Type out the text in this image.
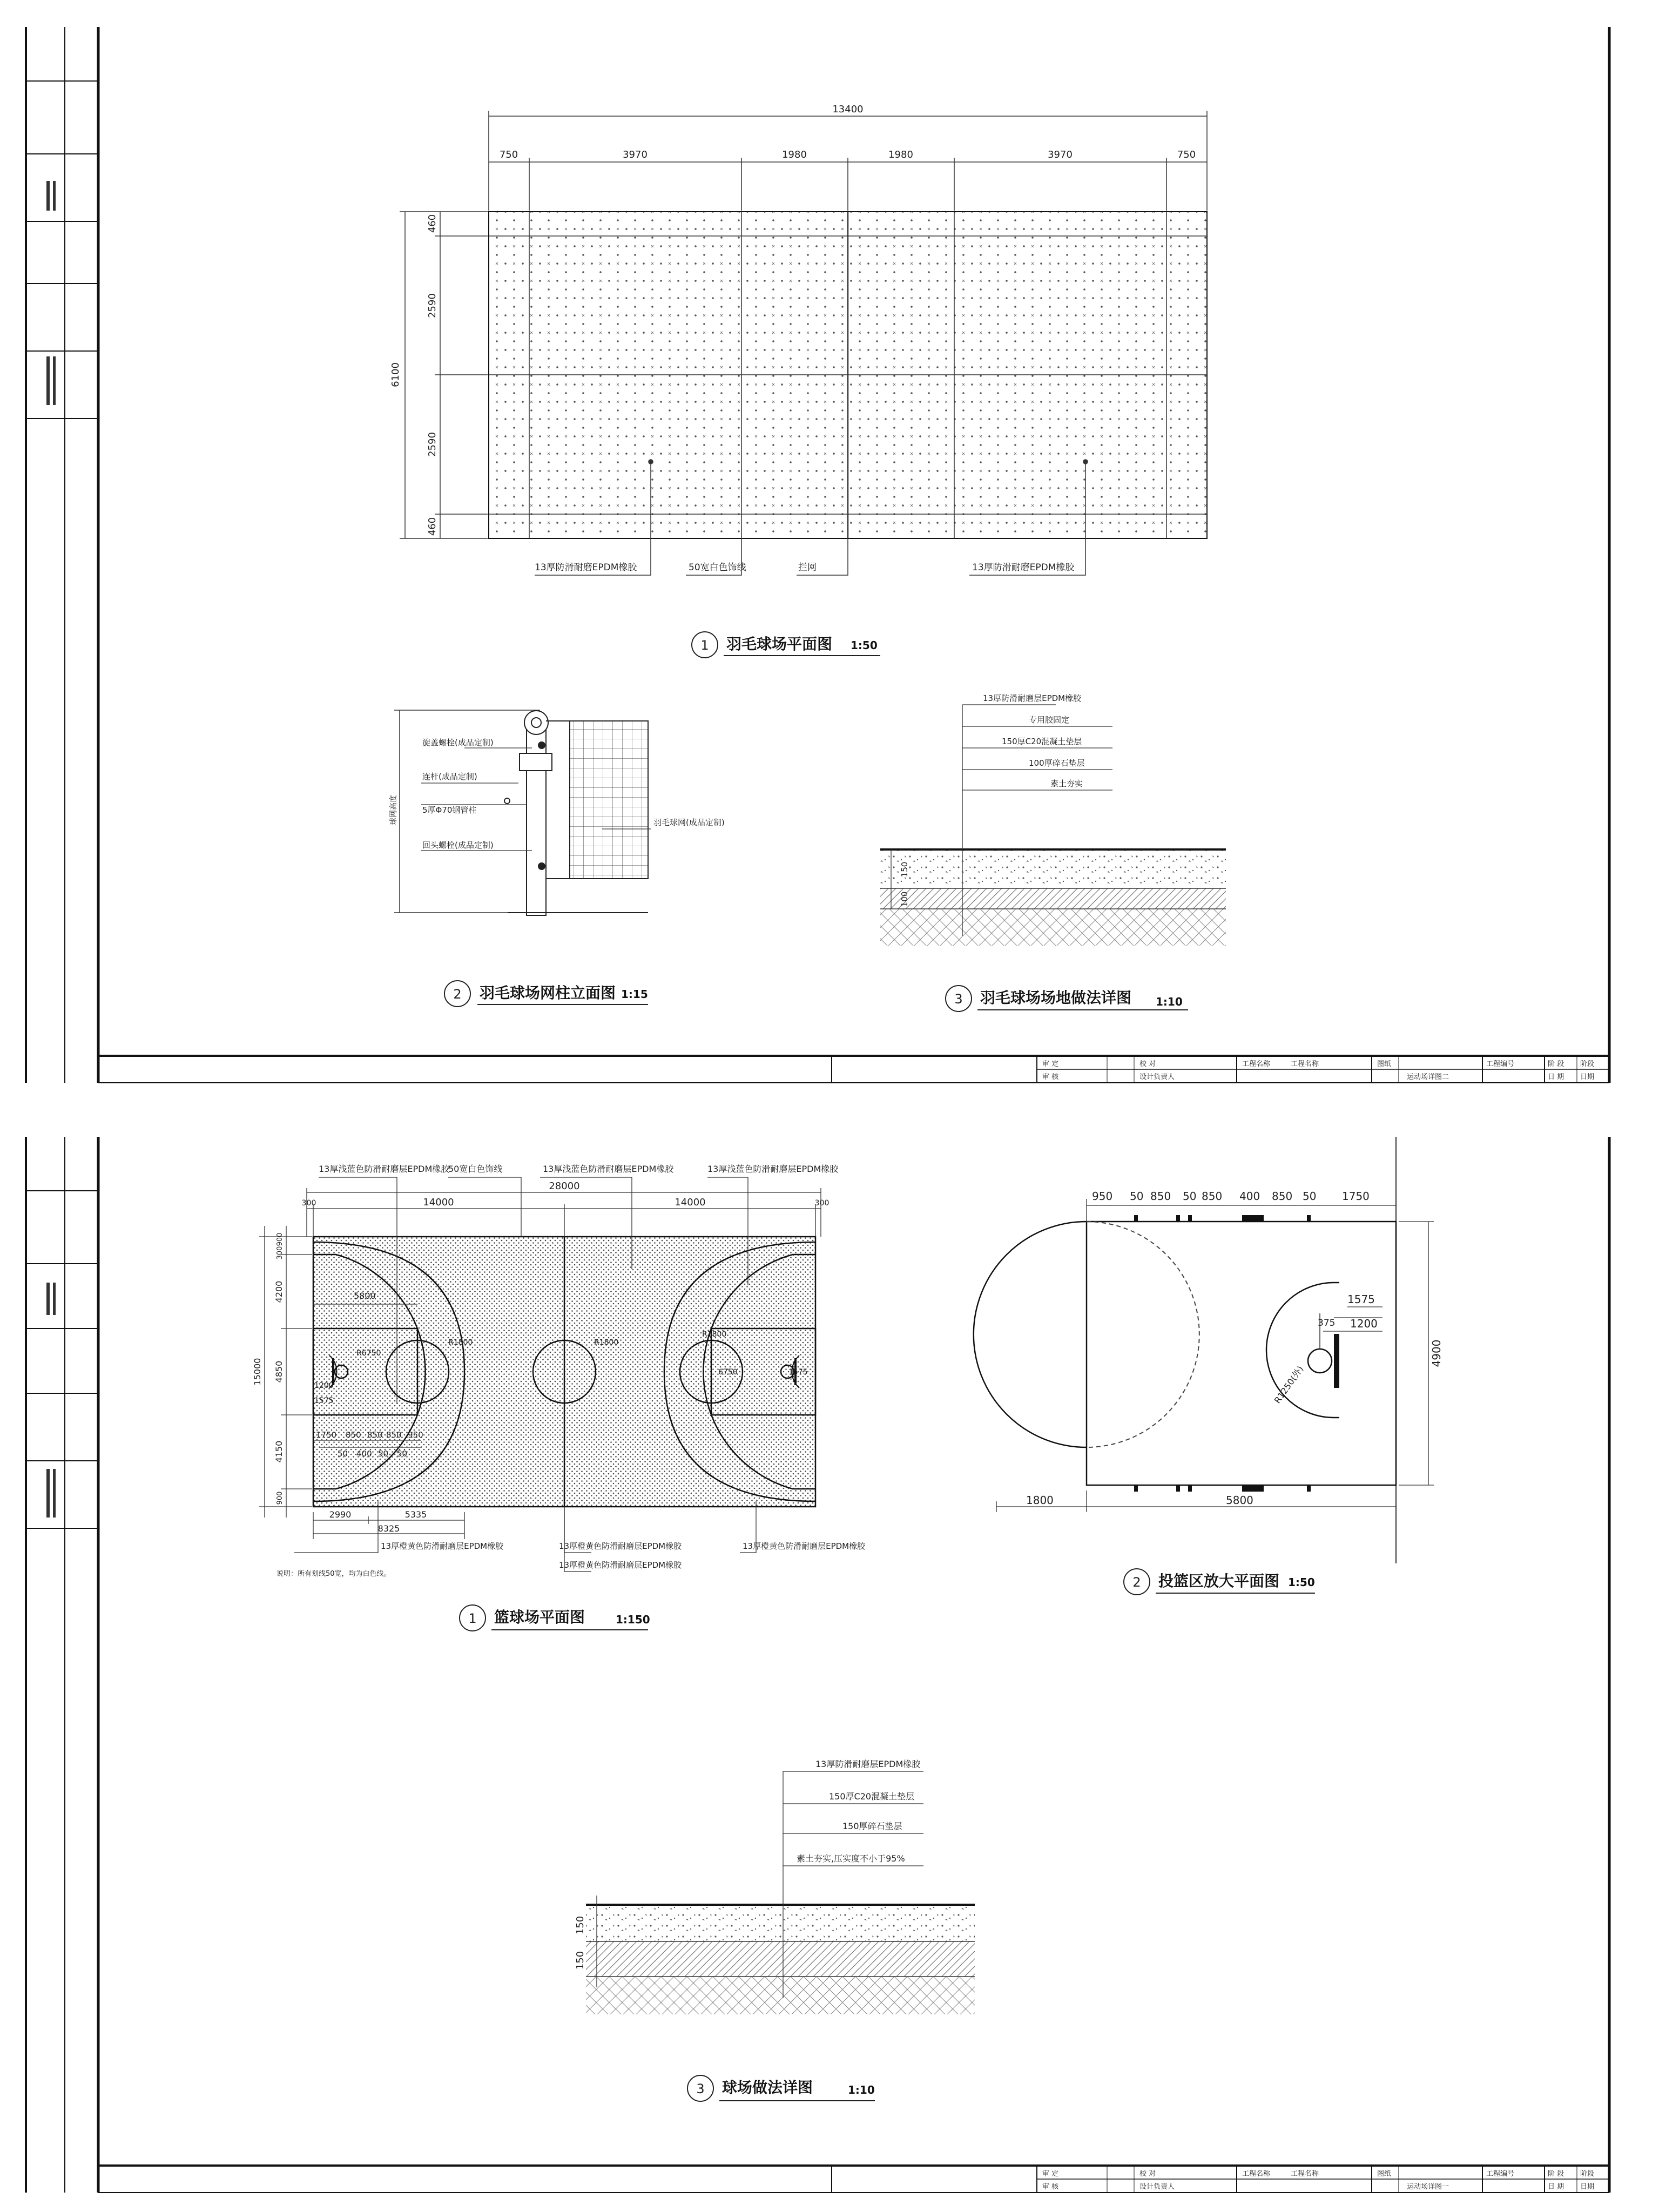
审 定
审 核
校 对
设计负责人
工程名称	工程名称	图纸
运动场详图二
工程编号	阶 段
日 期
阶段
日期
13400
750	3970	1980	1980	3970	750
6100
460
2590
2590
460
13厚防滑耐磨EPDM橡胶	50宽白色饰线	拦网	13厚防滑耐磨EPDM橡胶
1 羽毛球场平面图 1:50
球网高度
旋盖螺栓(成品定制)
连杆(成品定制)
5厚Φ70钢管柱
回头螺栓(成品定制)
羽毛球网(成品定制)
2 羽毛球场网柱立面图 1:15
150
100
13厚防滑耐磨层EPDM橡胶
专用胶固定
150厚C20混凝土垫层
100厚碎石垫层
素土夯实
3 羽毛球场场地做法详图 1:10
审 定
审 核
校 对
设计负责人
工程名称	工程名称	图纸
运动场详图一
工程编号	阶 段
日 期
阶段
日期
13厚浅蓝色防滑耐磨层EPDM橡胶
50宽白色饰线	13厚浅蓝色防滑耐磨层EPDM橡胶	13厚浅蓝色防滑耐磨层EPDM橡胶
28000
14000	14000
300	300
15000
900
300
4200
4850
4150
900
5800
R6750
R1800
1200
1575
R1800
6750	1575
R1800
1750 850 850 850 950
50 400 50 50
2990	5335
8325
13厚橙黄色防滑耐磨层EPDM橡胶	13厚橙黄色防滑耐磨层EPDM橡胶
13厚橙黄色防滑耐磨层EPDM橡胶
13厚橙黄色防滑耐磨层EPDM橡胶
说明：所有划线50宽，均为白色线。
1 篮球场平面图	1:150
950 50 850 50 850 400 850 50 1750
1575
375 1200
1800	5800
R1250(外)
4900
2 投篮区放大平面图 1:50
150
150
13厚防滑耐磨层EPDM橡胶
150厚C20混凝土垫层
150厚碎石垫层
素土夯实,压实度不小于95%
3 球场做法详图	1:10
